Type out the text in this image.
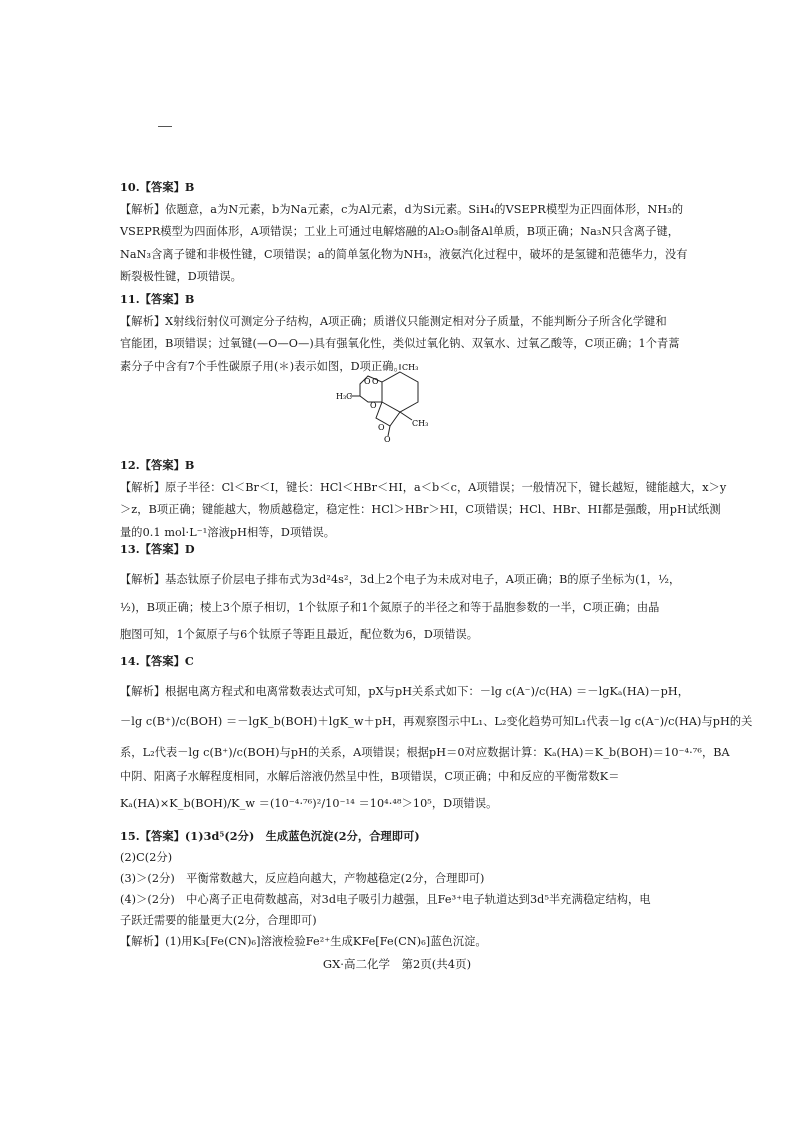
10.【答案】B
【解析】依题意，a为N元素，b为Na元素，c为Al元素，d为Si元素。SiH₄的VSEPR模型为正四面体形，NH₃的
VSEPR模型为四面体形，A项错误；工业上可通过电解熔融的Al₂O₃制备Al单质，B项正确；Na₃N只含离子键，
NaN₃含离子键和非极性键，C项错误；a的简单氢化物为NH₃，液氨汽化过程中，破坏的是氢键和范德华力，没有
断裂极性键，D项错误。
11.【答案】B
【解析】X射线衍射仪可测定分子结构，A项正确；质谱仪只能测定相对分子质量，不能判断分子所含化学键和
官能团，B项错误；过氧键(—O—O—)具有强氧化性，类似过氧化钠、双氧水、过氧乙酸等，C项正确；1个青蒿
素分子中含有7个手性碳原子用(＊)表示如图，D项正确。
CH₃
H₃C
CH₃
O O
O
O
O
12.【答案】B
【解析】原子半径：Cl＜Br＜I，键长：HCl＜HBr＜HI，a＜b＜c，A项错误；一般情况下，键长越短，键能越大，x＞y
＞z，B项正确；键能越大，物质越稳定，稳定性：HCl＞HBr＞HI，C项错误；HCl、HBr、HI都是强酸，用pH试纸测
量的0.1 mol·L⁻¹溶液pH相等，D项错误。
13.【答案】D
【解析】基态钛原子价层电子排布式为3d²4s²，3d上2个电子为未成对电子，A项正确；B的原子坐标为(1，½，
½)，B项正确；棱上3个原子相切，1个钛原子和1个氮原子的半径之和等于晶胞参数的一半，C项正确；由晶
胞图可知，1个氮原子与6个钛原子等距且最近，配位数为6，D项错误。
14.【答案】C
【解析】根据电离方程式和电离常数表达式可知，pX与pH关系式如下：－lg c(A⁻)/c(HA) ＝－lgKₐ(HA)－pH，
－lg c(B⁺)/c(BOH) ＝－lgK_b(BOH)＋lgK_w＋pH，再观察图示中L₁、L₂变化趋势可知L₁代表－lg c(A⁻)/c(HA)与pH的关
系，L₂代表－lg c(B⁺)/c(BOH)与pH的关系，A项错误；根据pH＝0对应数据计算：Kₐ(HA)＝K_b(BOH)＝10⁻⁴·⁷⁶，BA
中阴、阳离子水解程度相同，水解后溶液仍然呈中性，B项错误，C项正确；中和反应的平衡常数K＝
Kₐ(HA)×K_b(BOH)/K_w ＝(10⁻⁴·⁷⁶)²/10⁻¹⁴ ＝10⁴·⁴⁸＞10⁵，D项错误。
15.【答案】(1)3d⁵(2分)　生成蓝色沉淀(2分，合理即可)
(2)C(2分)
(3)＞(2分)　平衡常数越大，反应趋向越大，产物越稳定(2分，合理即可)
(4)＞(2分)　中心离子正电荷数越高，对3d电子吸引力越强，且Fe³⁺电子轨道达到3d⁵半充满稳定结构，电
子跃迁需要的能量更大(2分，合理即可)
【解析】(1)用K₃[Fe(CN)₆]溶液检验Fe²⁺生成KFe[Fe(CN)₆]蓝色沉淀。
GX·高二化学　第2页(共4页)
